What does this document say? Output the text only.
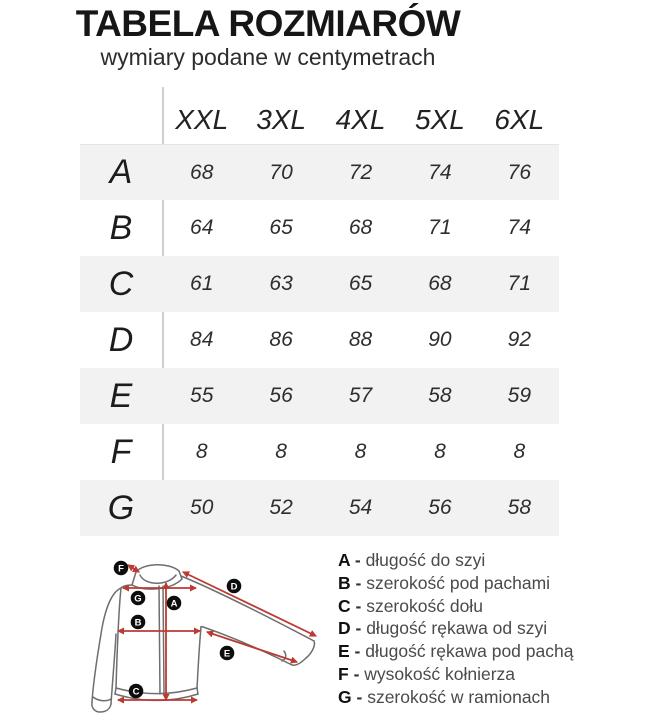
TABELA ROZMIARÓW

wymiary podane w centymetrach

XXL	3XL	4XL	5XL	6XL
A	68	70	72	74	76
B	64	65	68	71	74
C	61	63	65	68	71
D	84	86	88	90	92
E	55	56	57	58	59
F	8	8	8	8	8
G	50	52	54	56	58
F
G	A
B
D
E
C
A - długość do szyi
B - szerokość pod pachami
C - szerokość dołu
D - długość rękawa od szyi
E - długość rękawa pod pachą
F - wysokość kołnierza
G - szerokość w ramionach
